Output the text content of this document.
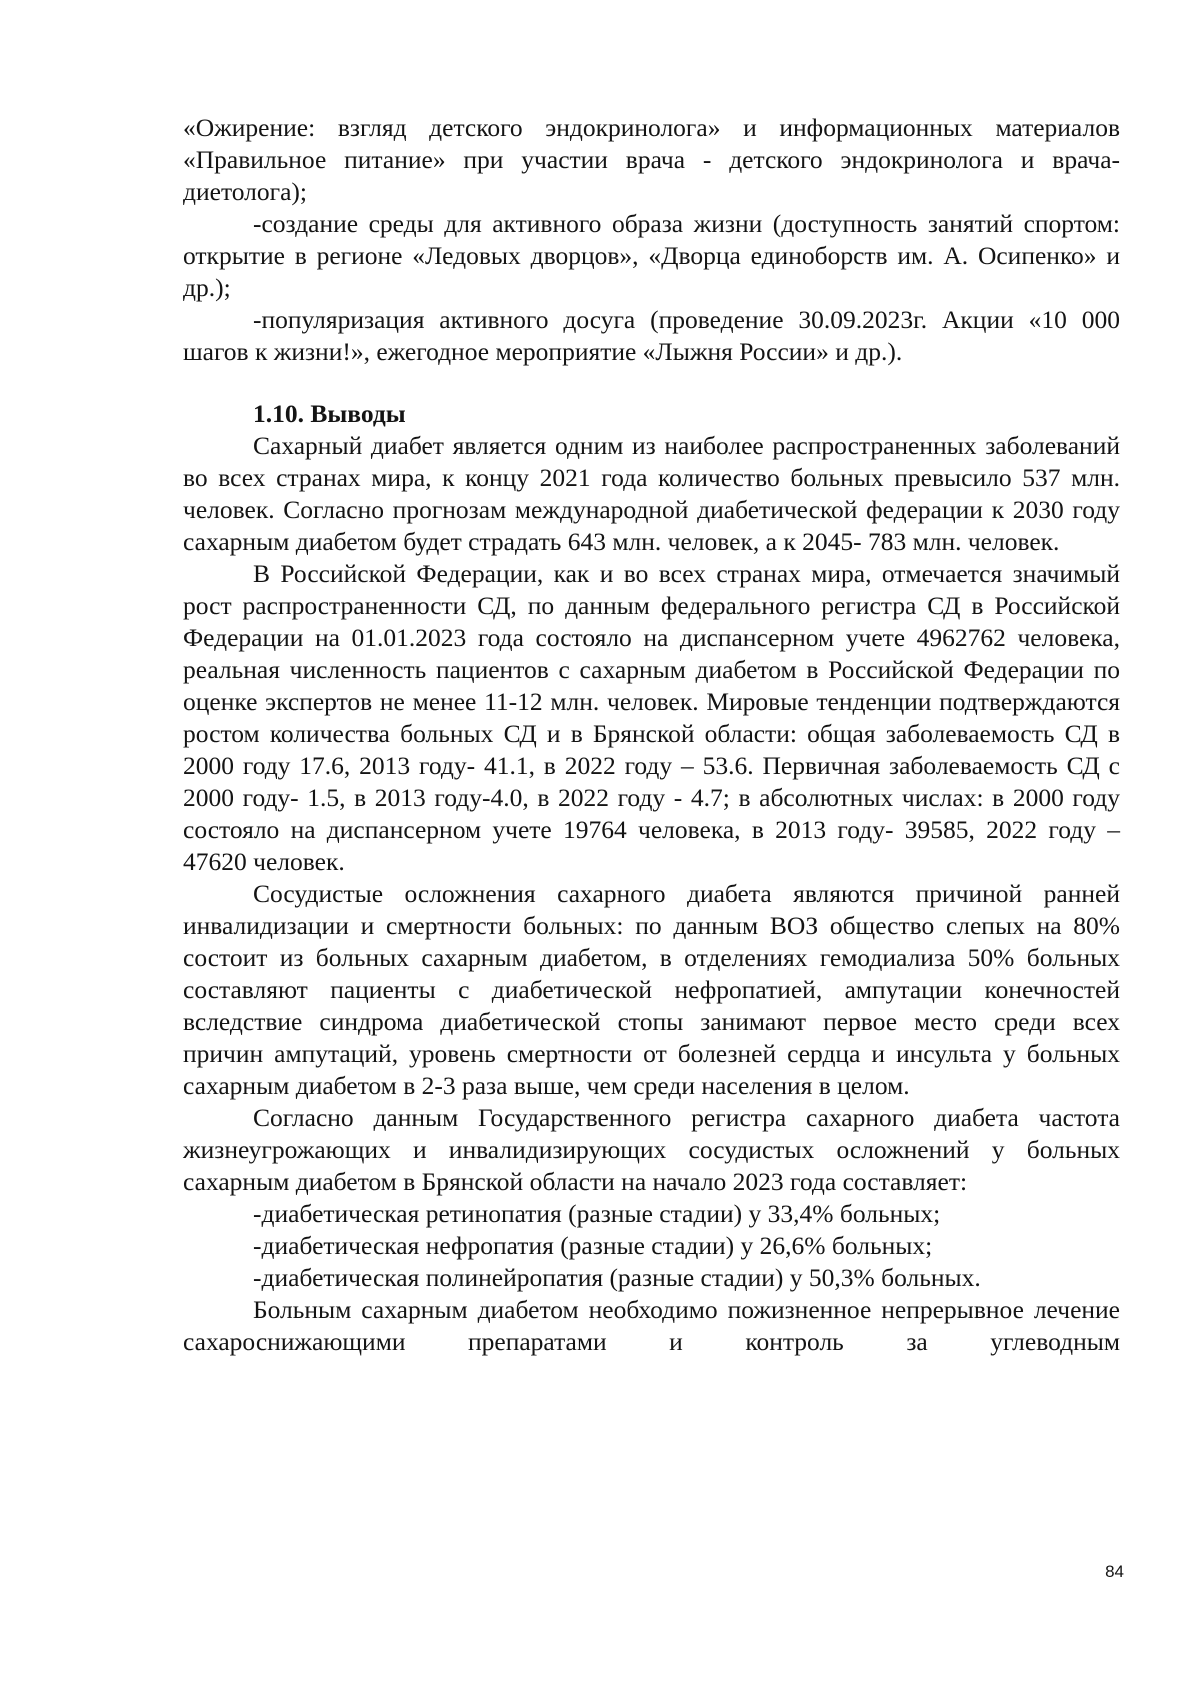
«Ожирение: взгляд детского эндокринолога» и информационных материалов «Правильное питание» при участии врача - детского эндокринолога и врача-диетолога);

-создание среды для активного образа жизни (доступность занятий спортом: открытие в регионе «Ледовых дворцов», «Дворца единоборств им. А. Осипенко» и др.);

-популяризация активного досуга (проведение 30.09.2023г. Акции «10 000 шагов к жизни!», ежегодное мероприятие «Лыжня России» и др.).

1.10. Выводы

Сахарный диабет является одним из наиболее распространенных заболеваний во всех странах мира, к концу 2021 года количество больных превысило 537 млн. человек. Согласно прогнозам международной диабетической федерации к 2030 году сахарным диабетом будет страдать 643 млн. человек, а к 2045- 783 млн. человек.

В Российской Федерации, как и во всех странах мира, отмечается значимый рост распространенности СД, по данным федерального регистра СД в Российской Федерации на 01.01.2023 года состояло на диспансерном учете 4962762 человека, реальная численность пациентов с сахарным диабетом в Российской Федерации по оценке экспертов не менее 11-12 млн. человек. Мировые тенденции подтверждаются ростом количества больных СД и в Брянской области: общая заболеваемость СД в 2000 году 17.6, 2013 году- 41.1, в 2022 году – 53.6. Первичная заболеваемость СД с 2000 году- 1.5, в 2013 году-4.0, в 2022 году - 4.7; в абсолютных числах: в 2000 году состояло на диспансерном учете 19764 человека, в 2013 году- 39585, 2022 году – 47620 человек.

Сосудистые осложнения сахарного диабета являются причиной ранней инвалидизации и смертности больных: по данным ВОЗ общество слепых на 80% состоит из больных сахарным диабетом, в отделениях гемодиализа 50% больных составляют пациенты с диабетической нефропатией, ампутации конечностей вследствие синдрома диабетической стопы занимают первое место среди всех причин ампутаций, уровень смертности от болезней сердца и инсульта у больных сахарным диабетом в 2-3 раза выше, чем среди населения в целом.

Согласно данным Государственного регистра сахарного диабета частота жизнеугрожающих и инвалидизирующих сосудистых осложнений у больных сахарным диабетом в Брянской области на начало 2023 года составляет:

-диабетическая ретинопатия (разные стадии) у 33,4% больных;

-диабетическая нефропатия (разные стадии) у 26,6% больных;

-диабетическая полинейропатия (разные стадии) у 50,3% больных.

Больным сахарным диабетом необходимо пожизненное непрерывное лечение сахароснижающими препаратами и контроль за углеводным

84
